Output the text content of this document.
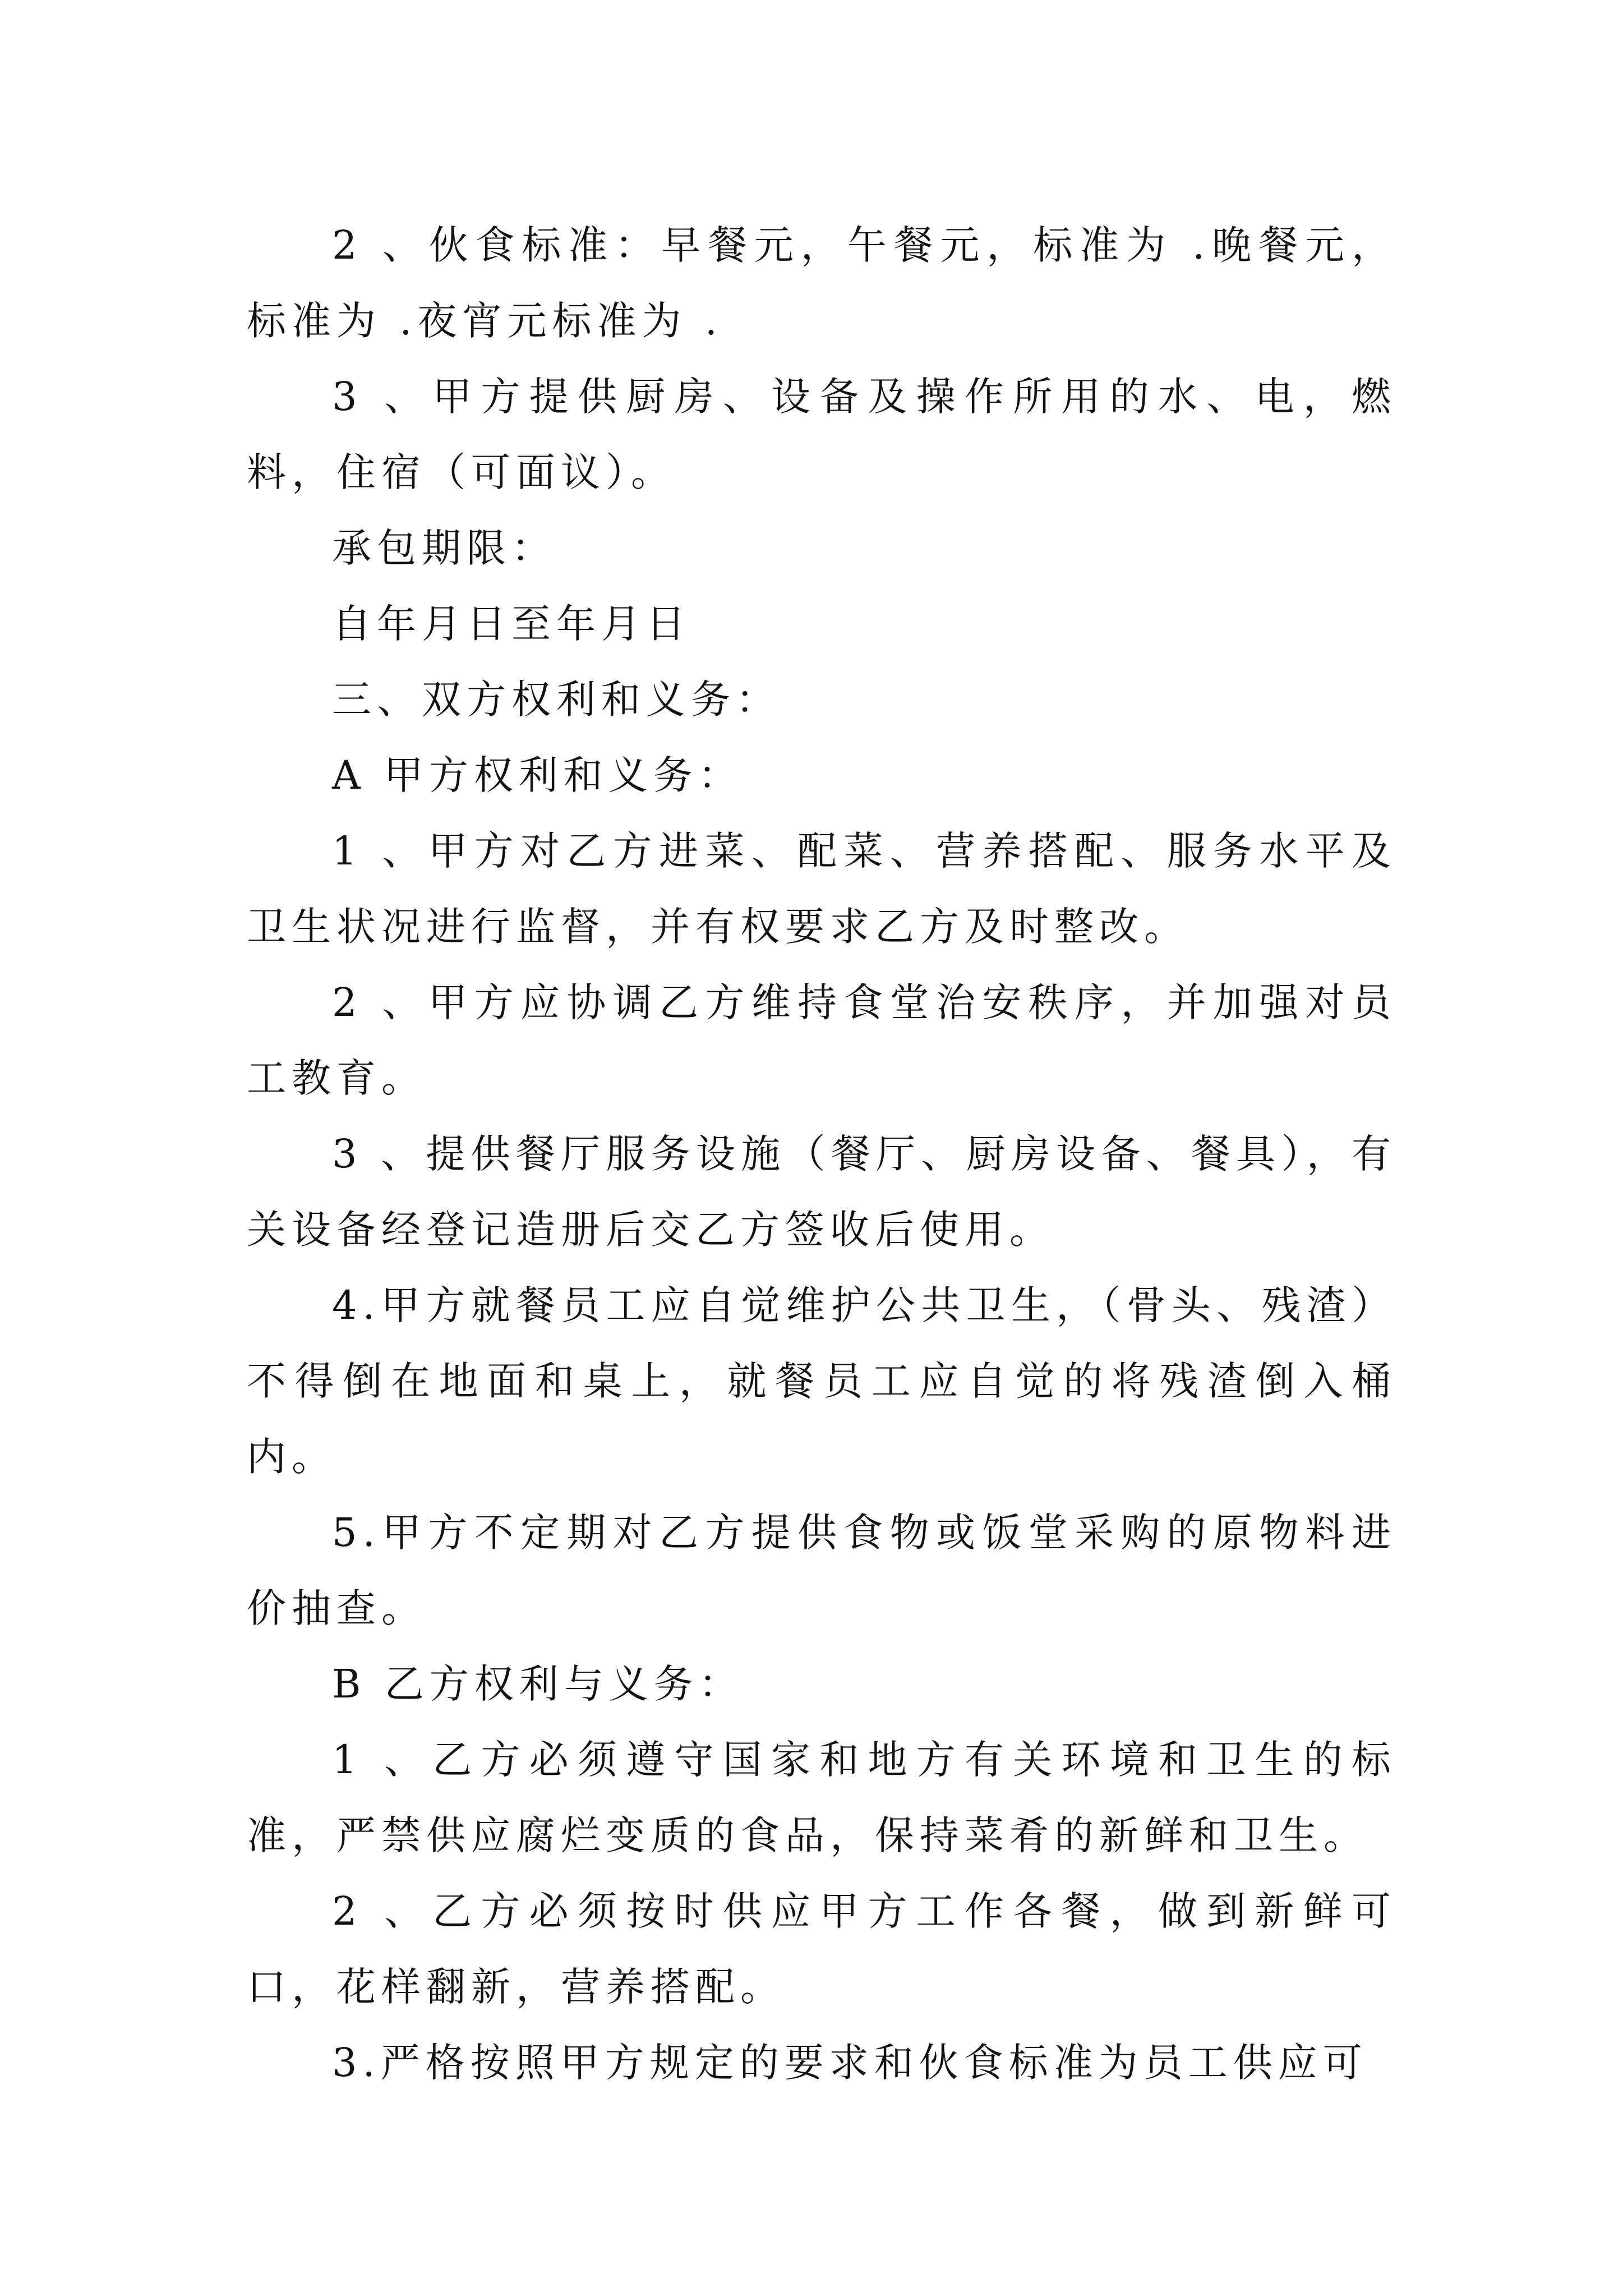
2 、伙食标准：早餐元，午餐元，标准为 .晚餐元，标准为 .夜宵元标准为 .

3 、甲方提供厨房、设备及操作所用的水、电，燃料，住宿（可面议）。

承包期限：

自年月日至年月日

三、双方权利和义务：

A 甲方权利和义务：

1 、甲方对乙方进菜、配菜、营养搭配、服务水平及卫生状况进行监督，并有权要求乙方及时整改。

2 、甲方应协调乙方维持食堂治安秩序，并加强对员工教育。

3 、提供餐厅服务设施（餐厅、厨房设备、餐具），有关设备经登记造册后交乙方签收后使用。

4.甲方就餐员工应自觉维护公共卫生，（骨头、残渣）不得倒在地面和桌上，就餐员工应自觉的将残渣倒入桶内。

5.甲方不定期对乙方提供食物或饭堂采购的原物料进价抽查。

B 乙方权利与义务：

1 、乙方必须遵守国家和地方有关环境和卫生的标准，严禁供应腐烂变质的食品，保持菜肴的新鲜和卫生。

2 、乙方必须按时供应甲方工作各餐，做到新鲜可口，花样翻新，营养搭配。

3.严格按照甲方规定的要求和伙食标准为员工供应可
